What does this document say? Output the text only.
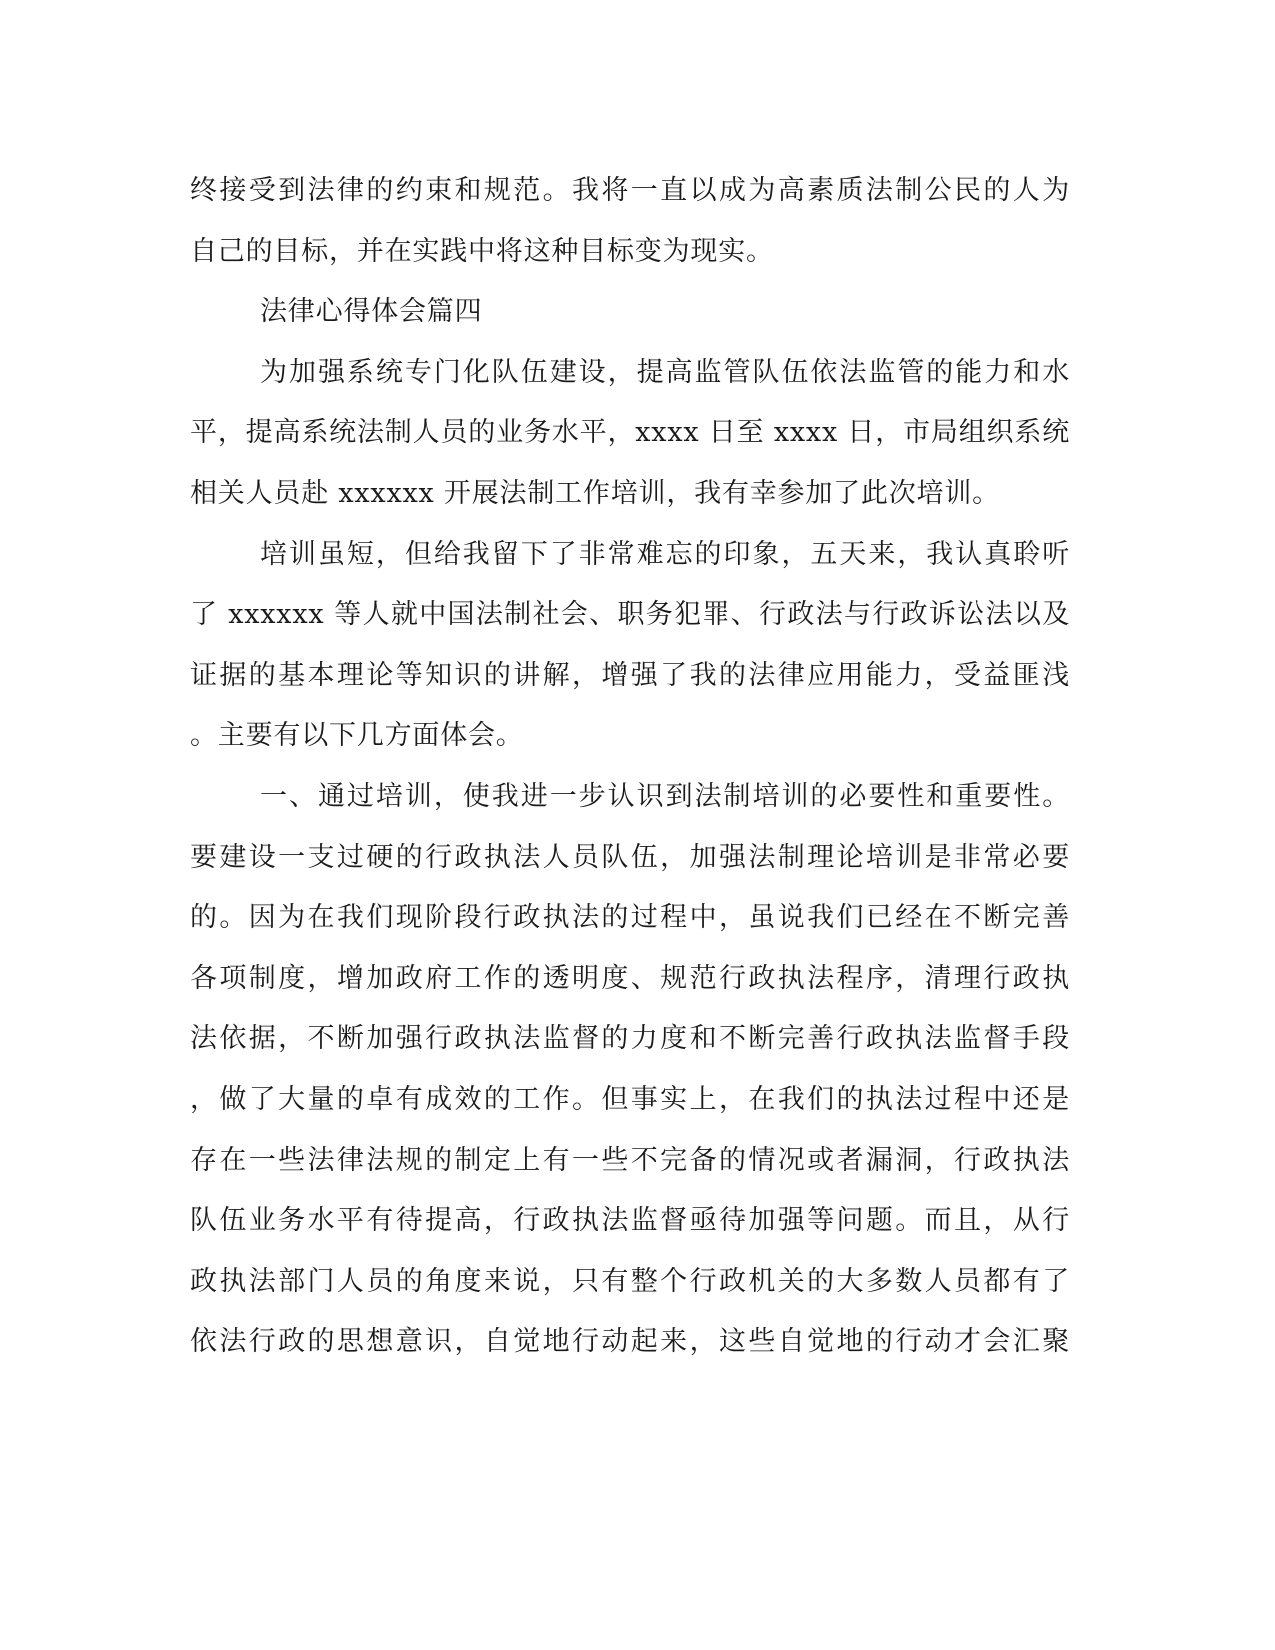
终接受到法律的约束和规范。我将一直以成为高素质法制公民的人为
自己的目标，并在实践中将这种目标变为现实。
法律心得体会篇四
为加强系统专门化队伍建设，提高监管队伍依法监管的能力和水
平，提高系统法制人员的业务水平，xxxx 日至 xxxx 日，市局组织系统
相关人员赴 xxxxxx 开展法制工作培训，我有幸参加了此次培训。
培训虽短，但给我留下了非常难忘的印象，五天来，我认真聆听
了 xxxxxx 等人就中国法制社会、职务犯罪、行政法与行政诉讼法以及
证据的基本理论等知识的讲解，增强了我的法律应用能力，受益匪浅
。主要有以下几方面体会。
一、通过培训，使我进一步认识到法制培训的必要性和重要性。
要建设一支过硬的行政执法人员队伍，加强法制理论培训是非常必要
的。因为在我们现阶段行政执法的过程中，虽说我们已经在不断完善
各项制度，增加政府工作的透明度、规范行政执法程序，清理行政执
法依据，不断加强行政执法监督的力度和不断完善行政执法监督手段
，做了大量的卓有成效的工作。但事实上，在我们的执法过程中还是
存在一些法律法规的制定上有一些不完备的情况或者漏洞，行政执法
队伍业务水平有待提高，行政执法监督亟待加强等问题。而且，从行
政执法部门人员的角度来说，只有整个行政机关的大多数人员都有了
依法行政的思想意识，自觉地行动起来，这些自觉地的行动才会汇聚
